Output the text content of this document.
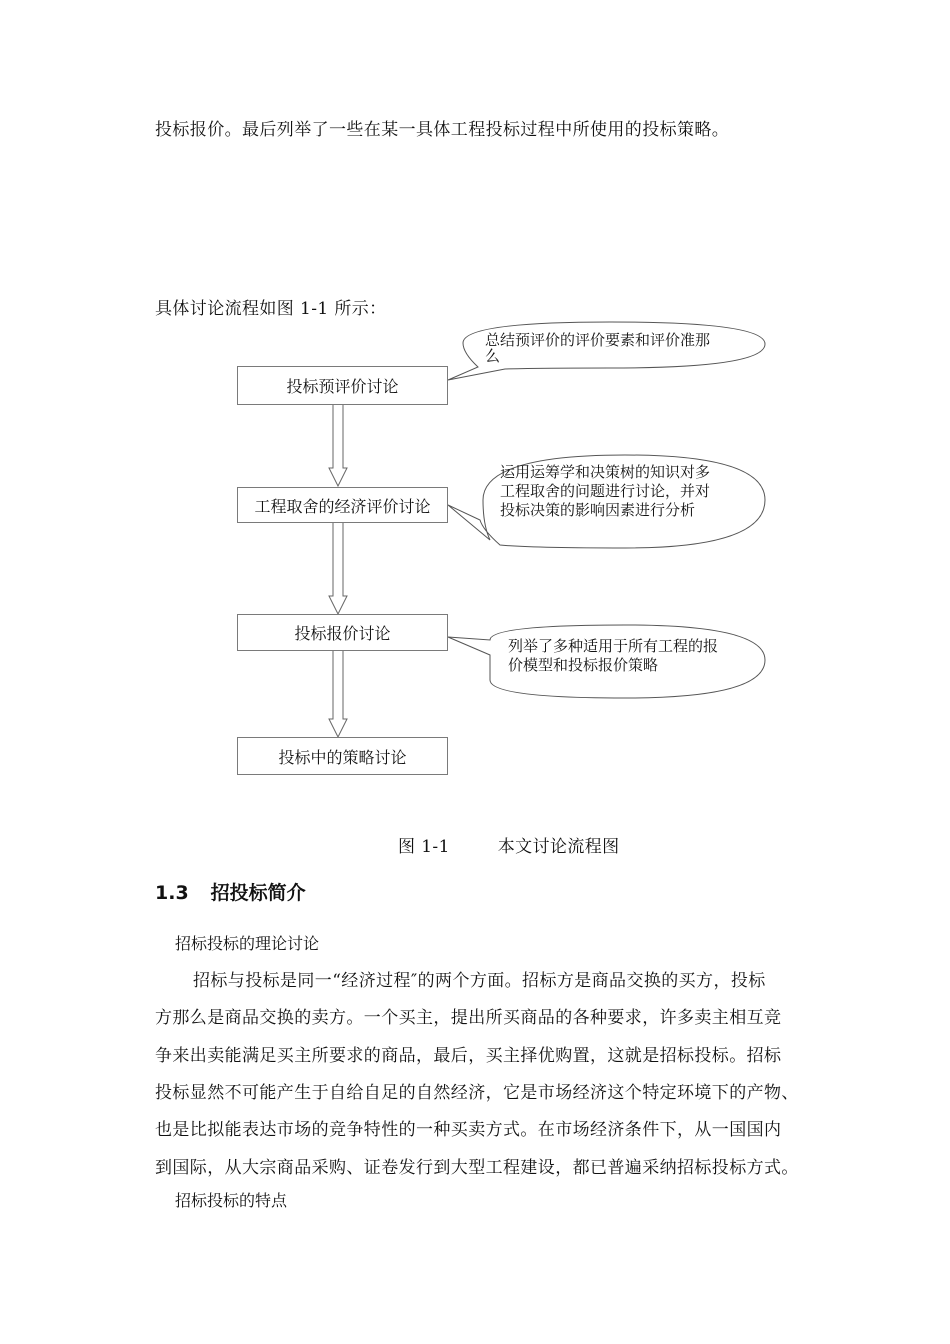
投标报价。最后列举了一些在某一具体工程投标过程中所使用的投标策略。
具体讨论流程如图 1-1 所示：
投标预评价讨论
工程取舍的经济评价讨论
投标报价讨论
投标中的策略讨论
总结预评价的评价要素和评价准那
么
运用运筹学和决策树的知识对多
工程取舍的问题进行讨论，并对
投标决策的影响因素进行分析
列举了多种适用于所有工程的报
价模型和投标报价策略
图 1-1	本文讨论流程图
1.3 招投标简介
招标投标的理论讨论
招标与投标是同一“经济过程″的两个方面。招标方是商品交换的买方，投标
方那么是商品交换的卖方。一个买主，提出所买商品的各种要求，许多卖主相互竞
争来出卖能满足买主所要求的商品，最后，买主择优购置，这就是招标投标。招标
投标显然不可能产生于自给自足的自然经济，它是市场经济这个特定环境下的产物、
也是比拟能表达市场的竞争特性的一种买卖方式。在市场经济条件下，从一国国内
到国际，从大宗商品采购、证卷发行到大型工程建设，都已普遍采纳招标投标方式。
招标投标的特点
